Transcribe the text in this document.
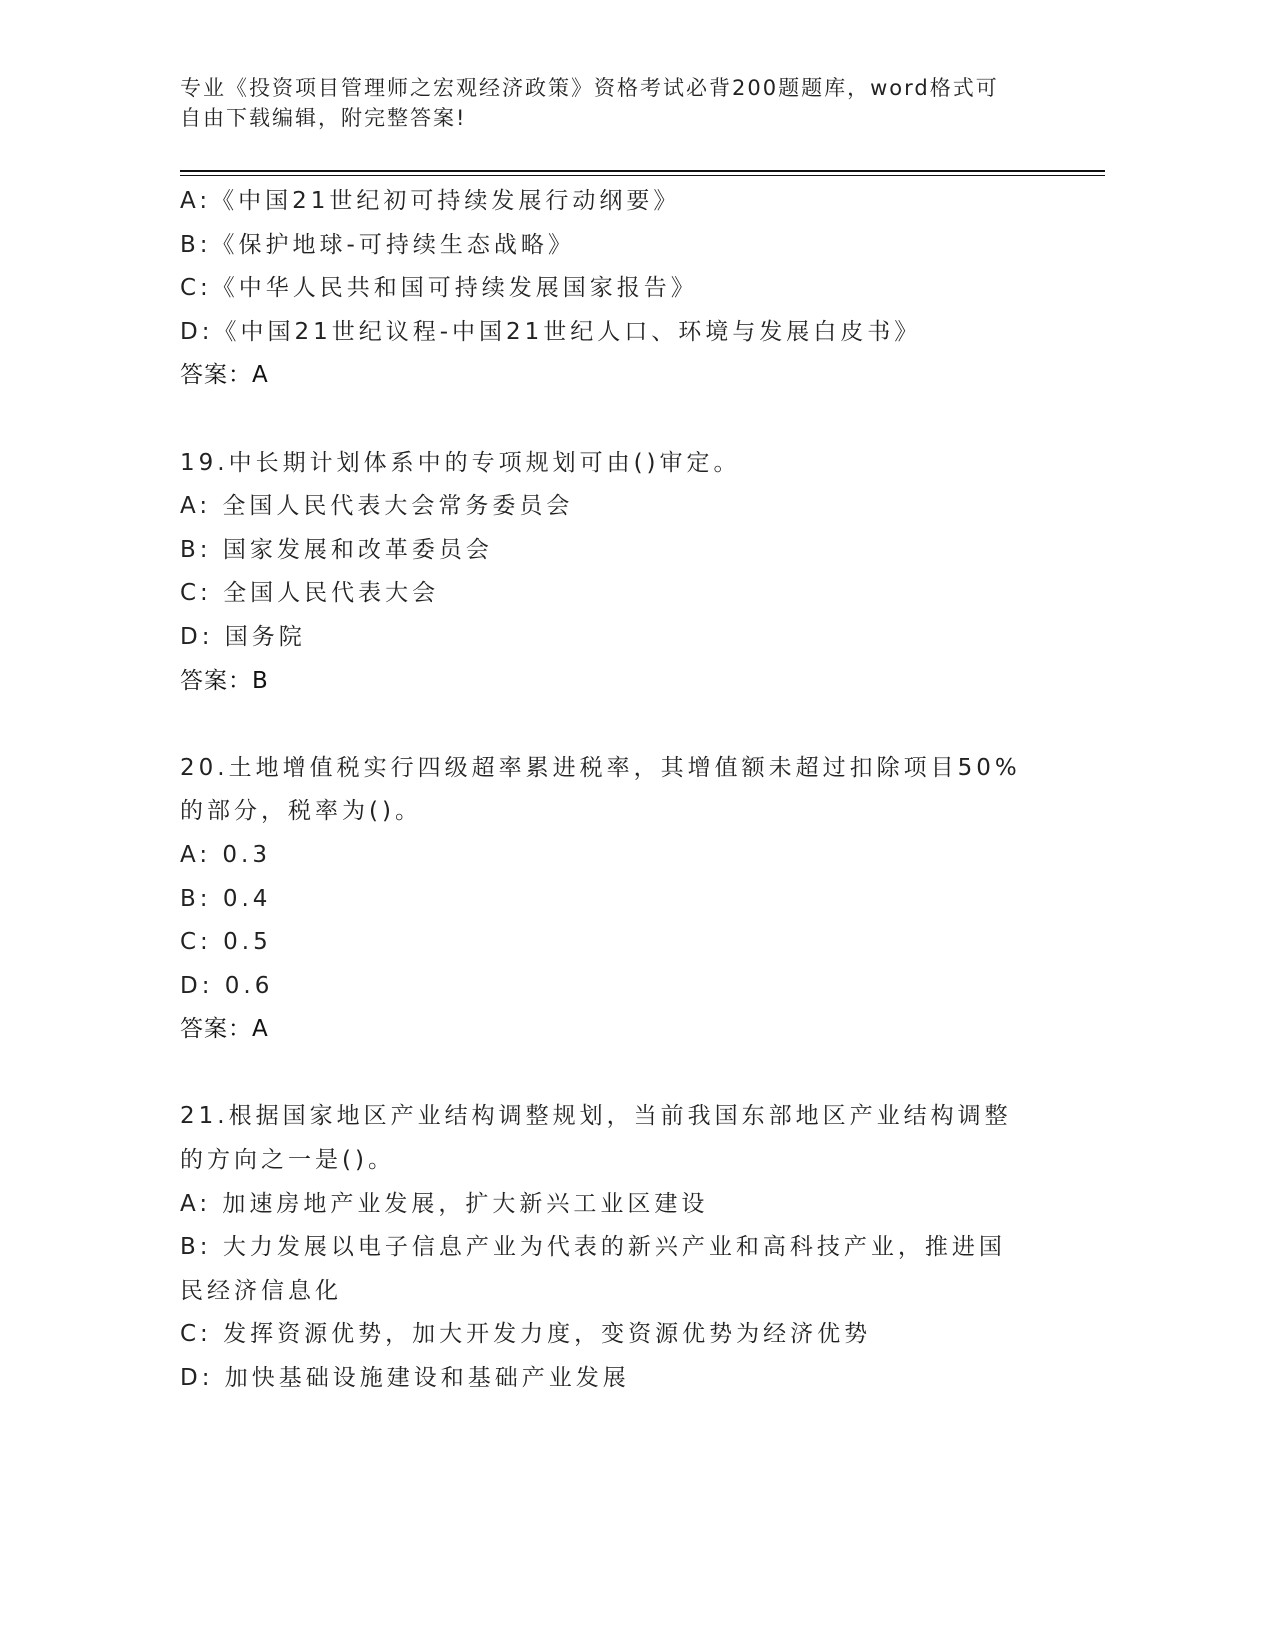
专业《投资项目管理师之宏观经济政策》资格考试必背200题题库，word格式可
自由下载编辑，附完整答案!
A:《中国21世纪初可持续发展行动纲要》
B:《保护地球-可持续生态战略》
C:《中华人民共和国可持续发展国家报告》
D:《中国21世纪议程-中国21世纪人口、环境与发展白皮书》
答案：A
19.中长期计划体系中的专项规划可由()审定。
A: 全国人民代表大会常务委员会
B: 国家发展和改革委员会
C: 全国人民代表大会
D: 国务院
答案：B
20.土地增值税实行四级超率累进税率，其增值额未超过扣除项目50%
的部分，税率为()。
A: 0.3
B: 0.4
C: 0.5
D: 0.6
答案：A
21.根据国家地区产业结构调整规划，当前我国东部地区产业结构调整
的方向之一是()。
A: 加速房地产业发展，扩大新兴工业区建设
B: 大力发展以电子信息产业为代表的新兴产业和高科技产业，推进国
民经济信息化
C: 发挥资源优势，加大开发力度，变资源优势为经济优势
D: 加快基础设施建设和基础产业发展
